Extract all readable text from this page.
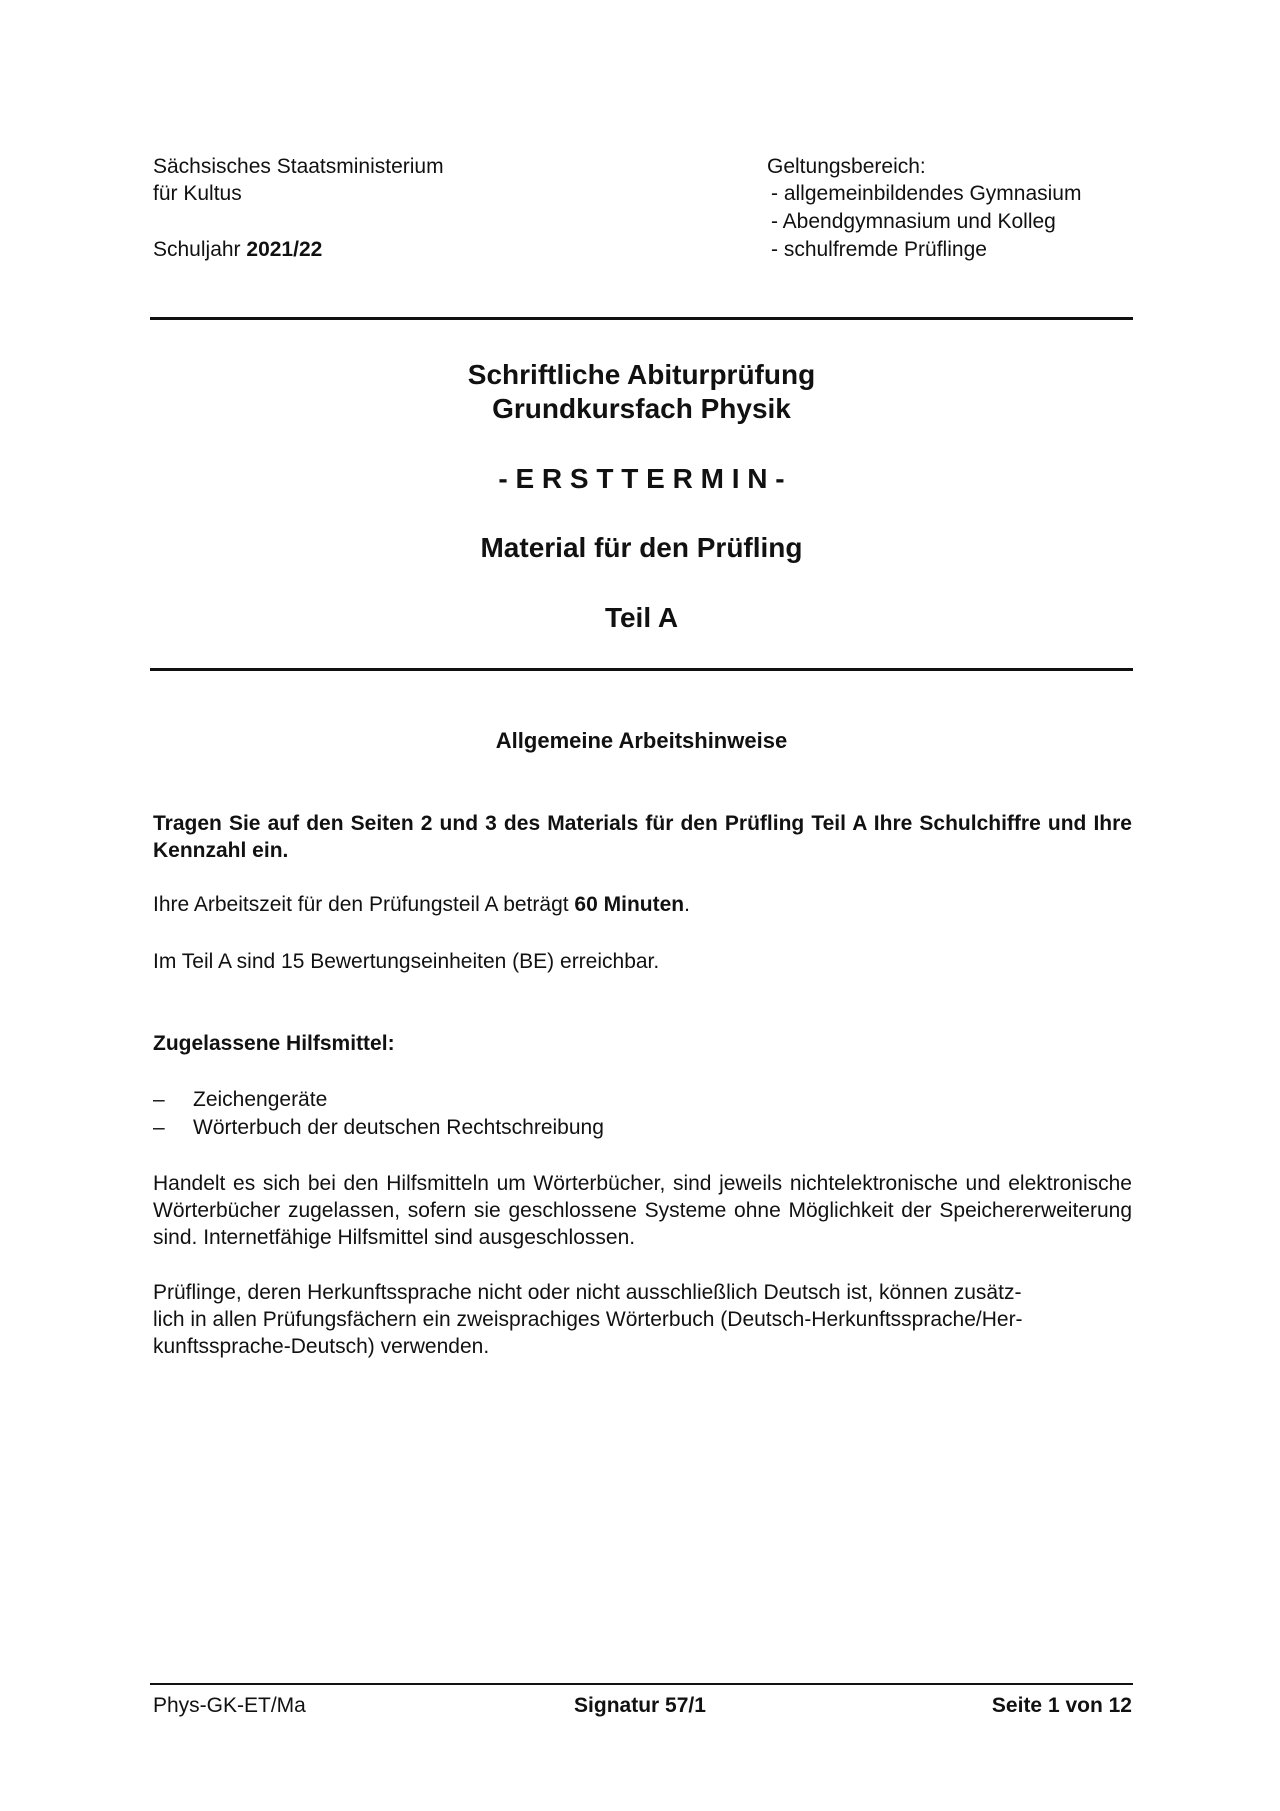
Sächsisches Staatsministerium
für Kultus
Schuljahr 2021/22
Geltungsbereich:
- allgemeinbildendes Gymnasium
- Abendgymnasium und Kolleg
- schulfremde Prüflinge
Schriftliche Abiturprüfung
Grundkursfach Physik
- E R S T T E R M I N -
Material für den Prüfling
Teil A
Allgemeine Arbeitshinweise
Tragen Sie auf den Seiten 2 und 3 des Materials für den Prüfling Teil A Ihre Schulchiffre und Ihre Kennzahl ein.
Ihre Arbeitszeit für den Prüfungsteil A beträgt 60 Minuten.
Im Teil A sind 15 Bewertungseinheiten (BE) erreichbar.
Zugelassene Hilfsmittel:
– Zeichengeräte
– Wörterbuch der deutschen Rechtschreibung
Handelt es sich bei den Hilfsmitteln um Wörterbücher, sind jeweils nichtelektronische und elektronische Wörterbücher zugelassen, sofern sie geschlossene Systeme ohne Möglichkeit der Speichererweiterung sind. Internetfähige Hilfsmittel sind ausgeschlossen.
Prüflinge, deren Herkunftssprache nicht oder nicht ausschließlich Deutsch ist, können zusätz-
lich in allen Prüfungsfächern ein zweisprachiges Wörterbuch (Deutsch-Herkunftssprache/Her-
kunftssprache-Deutsch) verwenden.
Phys-GK-ET/Ma	Signatur 57/1	Seite 1 von 12
